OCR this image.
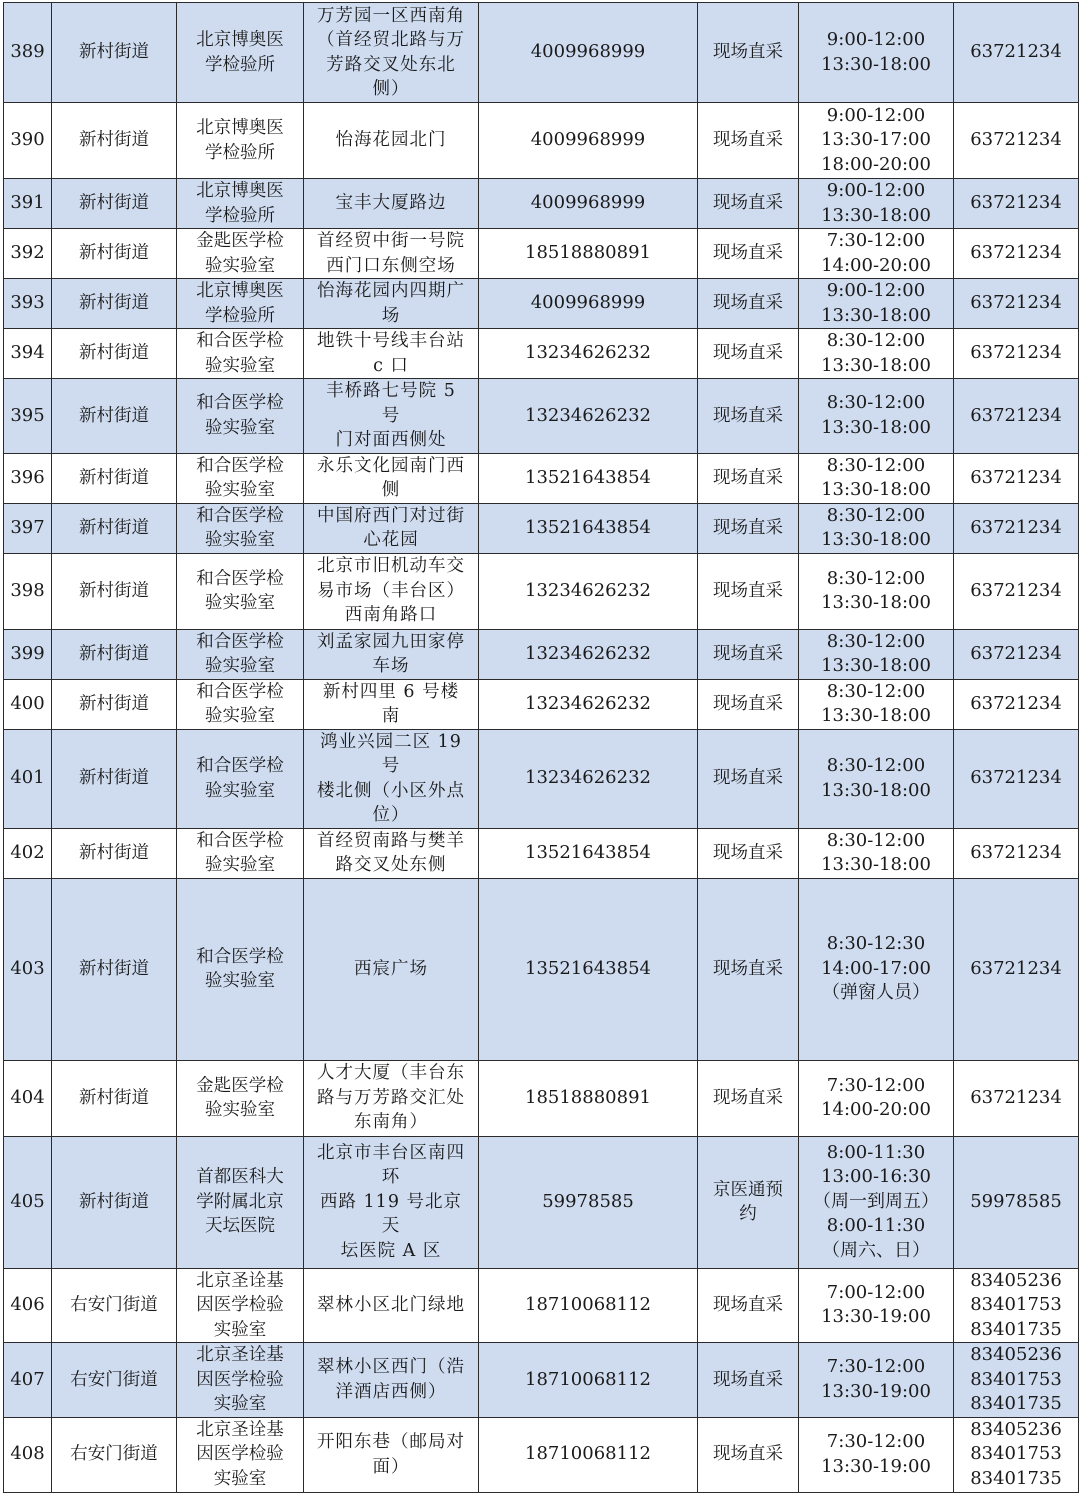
389	新村街道	北京博奥医
学检验所	万芳园一区西南角
（首经贸北路与万
芳路交叉处东北
侧）	4009968999	现场直采	9:00-12:00
13:30-18:00	63721234
390	新村街道	北京博奥医
学检验所	怡海花园北门	4009968999	现场直采	9:00-12:00
13:30-17:00
18:00-20:00	63721234
391	新村街道	北京博奥医
学检验所	宝丰大厦路边	4009968999	现场直采	9:00-12:00
13:30-18:00	63721234
392	新村街道	金匙医学检
验实验室	首经贸中街一号院
西门口东侧空场	18518880891	现场直采	7:30-12:00
14:00-20:00	63721234
393	新村街道	北京博奥医
学检验所	怡海花园内四期广
场	4009968999	现场直采	9:00-12:00
13:30-18:00	63721234
394	新村街道	和合医学检
验实验室	地铁十号线丰台站
c 口	13234626232	现场直采	8:30-12:00
13:30-18:00	63721234
395	新村街道	和合医学检
验实验室	丰桥路七号院 5 号
门对面西侧处	13234626232	现场直采	8:30-12:00
13:30-18:00	63721234
396	新村街道	和合医学检
验实验室	永乐文化园南门西
侧	13521643854	现场直采	8:30-12:00
13:30-18:00	63721234
397	新村街道	和合医学检
验实验室	中国府西门对过街
心花园	13521643854	现场直采	8:30-12:00
13:30-18:00	63721234
398	新村街道	和合医学检
验实验室	北京市旧机动车交
易市场（丰台区）
西南角路口	13234626232	现场直采	8:30-12:00
13:30-18:00	63721234
399	新村街道	和合医学检
验实验室	刘孟家园九田家停
车场	13234626232	现场直采	8:30-12:00
13:30-18:00	63721234
400	新村街道	和合医学检
验实验室	新村四里 6 号楼南	13234626232	现场直采	8:30-12:00
13:30-18:00	63721234
401	新村街道	和合医学检
验实验室	鸿业兴园二区 19 号
楼北侧（小区外点
位）	13234626232	现场直采	8:30-12:00
13:30-18:00	63721234
402	新村街道	和合医学检
验实验室	首经贸南路与樊羊
路交叉处东侧	13521643854	现场直采	8:30-12:00
13:30-18:00	63721234
403	新村街道	和合医学检
验实验室	西宸广场	13521643854	现场直采	8:30-12:30
14:00-17:00
（弹窗人员）	63721234
404	新村街道	金匙医学检
验实验室	人才大厦（丰台东
路与万芳路交汇处
东南角）	18518880891	现场直采	7:30-12:00
14:00-20:00	63721234
405	新村街道	首都医科大
学附属北京
天坛医院	北京市丰台区南四
环
西路 119 号北京天
坛医院 A 区	59978585	京医通预
约	8:00-11:30
13:00-16:30
（周一到周五）
8:00-11:30
（周六、日）	59978585
406	右安门街道	北京圣诠基
因医学检验
实验室	翠林小区北门绿地	18710068112	现场直采	7:00-12:00
13:30-19:00	83405236
83401753
83401735
407	右安门街道	北京圣诠基
因医学检验
实验室	翠林小区西门（浩
洋酒店西侧）	18710068112	现场直采	7:30-12:00
13:30-19:00	83405236
83401753
83401735
408	右安门街道	北京圣诠基
因医学检验
实验室	开阳东巷（邮局对
面）	18710068112	现场直采	7:30-12:00
13:30-19:00	83405236
83401753
83401735
